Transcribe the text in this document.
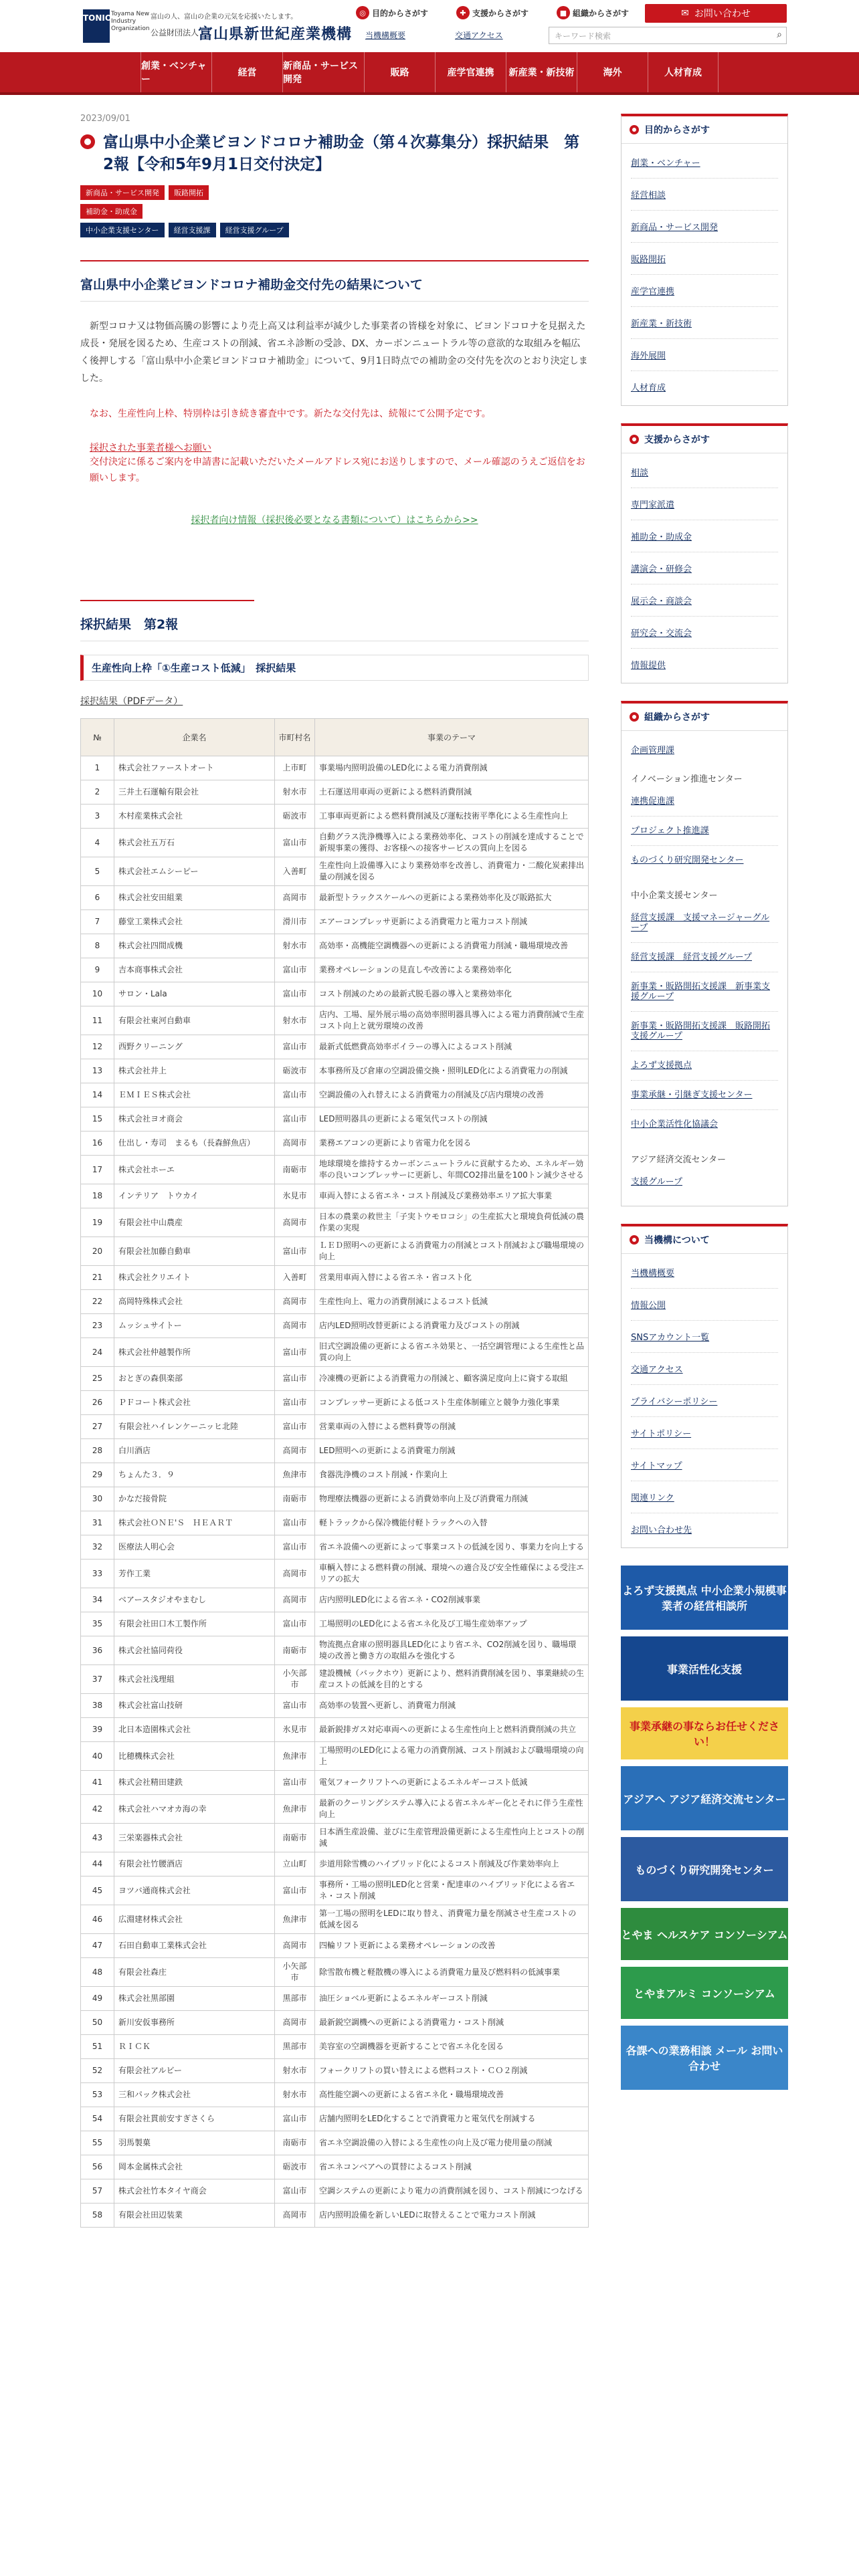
TONIO
Toyama New Industry Organization
富山の人、富山の企業の元気を応援いたします。
公益財団法人
富山県新世紀産業機構
◎ 目的からさがす	✚ 支援からさがす	■ 組織からさがす	✉ お問い合わせ
当機構概要	交通アクセス	キーワード検索	⌕
創業・ベンチャー
経営
新商品・サービス開発
販路	産学官連携	新産業・新技術	海外	人材育成
2023/09/01
富山県中小企業ビヨンドコロナ補助金（第４次募集分）採択結果　第2報【令和5年9月1日交付決定】
新商品・サービス開発	販路開拓
補助金・助成金
中小企業支援センター	経営支援課	経営支援グループ
富山県中小企業ビヨンドコロナ補助金交付先の結果について

新型コロナ又は物価高騰の影響により売上高又は利益率が減少した事業者の皆様を対象に、ビヨンドコロナを見据えた成長・発展を図るため、生産コストの削減、省エネ診断の受診、DX、カーボンニュートラル等の意欲的な取組みを幅広く後押しする「富山県中小企業ビヨンドコロナ補助金」について、9月1日時点での補助金の交付先を次のとおり決定しました。

なお、生産性向上枠、特別枠は引き続き審査中です。新たな交付先は、続報にて公開予定です。

採択された事業者様へお願い

交付決定に係るご案内を申請書に記載いただいたメールアドレス宛にお送りしますので、メール確認のうえご返信をお願いします。

採択者向け情報（採択後必要となる書類について）はこちらから>>
採択結果　第2報
生産性向上枠「①生産コスト低減」　採択結果
採択結果（PDFデータ）
№	企業名	市町村名	事業のテーマ
1	株式会社ファーストオート	上市町	事業場内照明設備のLED化による電力消費削減
2	三井土石運輸有限会社	射水市	土石運送用車両の更新による燃料消費削減
3	木村産業株式会社	砺波市	工事車両更新による燃料費削減及び運転技術平準化による生産性向上
4	株式会社五万石	富山市	自動グラス洗浄機導入による業務効率化、コストの削減を達成することで新規事業の獲得、お客様への接客サービスの質向上を図る
5	株式会社エムシーピー	入善町	生産性向上設備導入により業務効率を改善し、消費電力・二酸化炭素排出量の削減を図る
6	株式会社安田組業	高岡市	最新型トラックスケールへの更新による業務効率化及び販路拡大
7	藤堂工業株式会社	滑川市	エアーコンプレッサ更新による消費電力と電力コスト削減
8	株式会社四間成機	射水市	高効率・高機能空調機器への更新による消費電力削減・職場環境改善
9	吉本商事株式会社	富山市	業務オペレーションの見直しや改善による業務効率化
10	サロン・Lala	富山市	コスト削減のための最新式脱毛器の導入と業務効率化
11	有限会社東河自動車	射水市	店内、工場、屋外展示場の高効率照明器具導入による電力消費削減で生産コスト向上と就労環境の改善
12	西野クリーニング	富山市	最新式低燃費高効率ボイラーの導入によるコスト削減
13	株式会社井上	砺波市	本事務所及び倉庫の空調設備交換・照明LED化による消費電力の削減
14	ＥＭＩＥＳ株式会社	富山市	空調設備の入れ替えによる消費電力の削減及び店内環境の改善
15	株式会社ヨオ商会	富山市	LED照明器具の更新による電気代コストの削減
16	仕出し・寿司　まるも（長森鮮魚店）	高岡市	業務エアコンの更新により省電力化を図る
17	株式会社ホーエ	南砺市	地球環境を維持するカーボンニュートラルに貢献するため、エネルギー効率の良いコンプレッサーに更新し、年間CO2排出量を100トン減少させる
18	インテリア　トウカイ	氷見市	車両入替による省エネ・コスト削減及び業務効率エリア拡大事業
19	有限会社中山農産	高岡市	日本の農業の救世主「子実トウモロコシ」の生産拡大と環境負荷低減の農作業の実現
20	有限会社加藤自動車	富山市	ＬＥＤ照明への更新による消費電力の削減とコスト削減および職場環境の向上
21	株式会社クリエイト	入善町	営業用車両入替による省エネ・省コスト化
22	高岡特殊株式会社	高岡市	生産性向上、電力の消費削減によるコスト低減
23	ムッシュサイトー	高岡市	店内LED照明改替更新による消費電力及びコストの削減
24	株式会社仲越製作所	富山市	旧式空調設備の更新による省エネ効果と、一括空調管理による生産性と品質の向上
25	おとぎの森倶楽部	富山市	冷凍機の更新による消費電力の削減と、顧客満足度向上に資する取組
26	ＰＦコート株式会社	富山市	コンプレッサー更新による低コスト生産体制確立と競争力強化事業
27	有限会社ハイレンケーニッヒ北陸	富山市	営業車両の入替による燃料費等の削減
28	白川酒店	高岡市	LED照明への更新による消費電力削減
29	ちょんた３．９	魚津市	食器洗浄機のコスト削減・作業向上
30	かなだ接骨院	南砺市	物理療法機器の更新による消費効率向上及び消費電力削減
31	株式会社ＯＮＥ'Ｓ　ＨＥＡＲＴ	富山市	軽トラックから保冷機能付軽トラックへの入替
32	医療法人明心会	富山市	省エネ設備への更新によって事業コストの低減を図り、事業力を向上する
33	芳作工業	高岡市	車輌入替による燃料費の削減、環境への適合及び安全性確保による受注エリアの拡大
34	ベアースタジオやまむし	高岡市	店内照明LED化による省エネ・CO2削減事業
35	有限会社田口木工製作所	富山市	工場照明のLED化による省エネ化及び工場生産効率アップ
36	株式会社協同荷役	南砺市	物流拠点倉庫の照明器具LED化により省エネ、CO2削減を図り、職場環境の改善と働き方の取組みを強化する
37	株式会社浅理組	小矢部市	建設機械（バックホウ）更新により、燃料消費削減を図り、事業継続の生産コストの低減を目的とする
38	株式会社富山技研	富山市	高効率の装置へ更新し、消費電力削減
39	北日本造園株式会社	氷見市	最新鋭排ガス対応車両への更新による生産性向上と燃料消費削減の共立
40	比穂機株式会社	魚津市	工場照明のLED化による電力の消費削減、コスト削減および職場環境の向上
41	株式会社精田建鉄	富山市	電気フォークリフトへの更新によるエネルギーコスト低減
42	株式会社ハマオカ海の幸	魚津市	最新のクーリングシステム導入による省エネルギー化とそれに伴う生産性向上
43	三栄楽器株式会社	南砺市	日本酒生産設備、並びに生産管理設備更新による生産性向上とコストの削減
44	有限会社竹腰酒店	立山町	歩道用除雪機のハイブリッド化によるコスト削減及び作業効率向上
45	ヨツバ通商株式会社	富山市	事務所・工場の照明LED化と営業・配達車のハイブリッド化による省エネ・コスト削減
46	広淵建材株式会社	魚津市	第一工場の照明をLEDに取り替え、消費電力量を削減させ生産コストの低減を図る
47	石田自動車工業株式会社	高岡市	四輪リフト更新による業務オペレーションの改善
48	有限会社森庄	小矢部市	除雪散布機と軽散機の導入による消費電力量及び燃料料の低減事業
49	株式会社黒部園	黒部市	油圧ショベル更新によるエネルギーコスト削減
50	新川安仮事務所	高岡市	最新鋭空調機への更新による消費電力・コスト削減
51	ＲＩＣＫ	黒部市	美容室の空調機器を更新することで省エネ化を図る
52	有限会社アルビー	射水市	フォークリフトの買い替えによる燃料コスト・ＣＯ２削減
53	三和パック株式会社	射水市	高性能空調への更新による省エネ化・職場環境改善
54	有限会社貫前安すぎさくら	富山市	店舗内照明をLED化することで消費電力と電気代を削減する
55	羽馬製菓	南砺市	省エネ空調設備の入替による生産性の向上及び電力使用量の削減
56	岡本金属株式会社	砺波市	省エネコンベアへの買替によるコスト削減
57	株式会社竹本タイヤ商会	富山市	空調システムの更新により電力の消費削減を図り、コスト削減につなげる
58	有限会社田辺装業	高岡市	店内照明設備を新しいLEDに取替えることで電力コスト削減
目的からさがす
創業・ベンチャー
経営相談
新商品・サービス開発
販路開拓
産学官連携
新産業・新技術
海外展開
人材育成
支援からさがす
相談
専門家派遣
補助金・助成金
講演会・研修会
展示会・商談会
研究会・交流会
情報提供
組織からさがす
企画管理課
イノベーション推進センター
連携促進課
プロジェクト推進課
ものづくり研究開発センター
中小企業支援センター
経営支援課　支援マネージャーグループ
経営支援課　経営支援グループ
新事業・販路開拓支援課　新事業支援グループ
新事業・販路開拓支援課　販路開拓支援グループ
よろず支援拠点
事業承継・引継ぎ支援センター
中小企業活性化協議会
アジア経済交流センター
支援グループ
当機構について
当機構概要
情報公開
SNSアカウント一覧
交通アクセス
プライバシーポリシー
サイトポリシー
サイトマップ
関連リンク
お問い合わせ先
よろず支援拠点 中小企業小規模事業者の経営相談所
事業活性化支援
事業承継の事ならお任せください！
アジアへ アジア経済交流センター
ものづくり研究開発センター
とやま ヘルスケア コンソーシアム
とやまアルミ コンソーシアム
各課への業務相談 メール お問い合わせ
